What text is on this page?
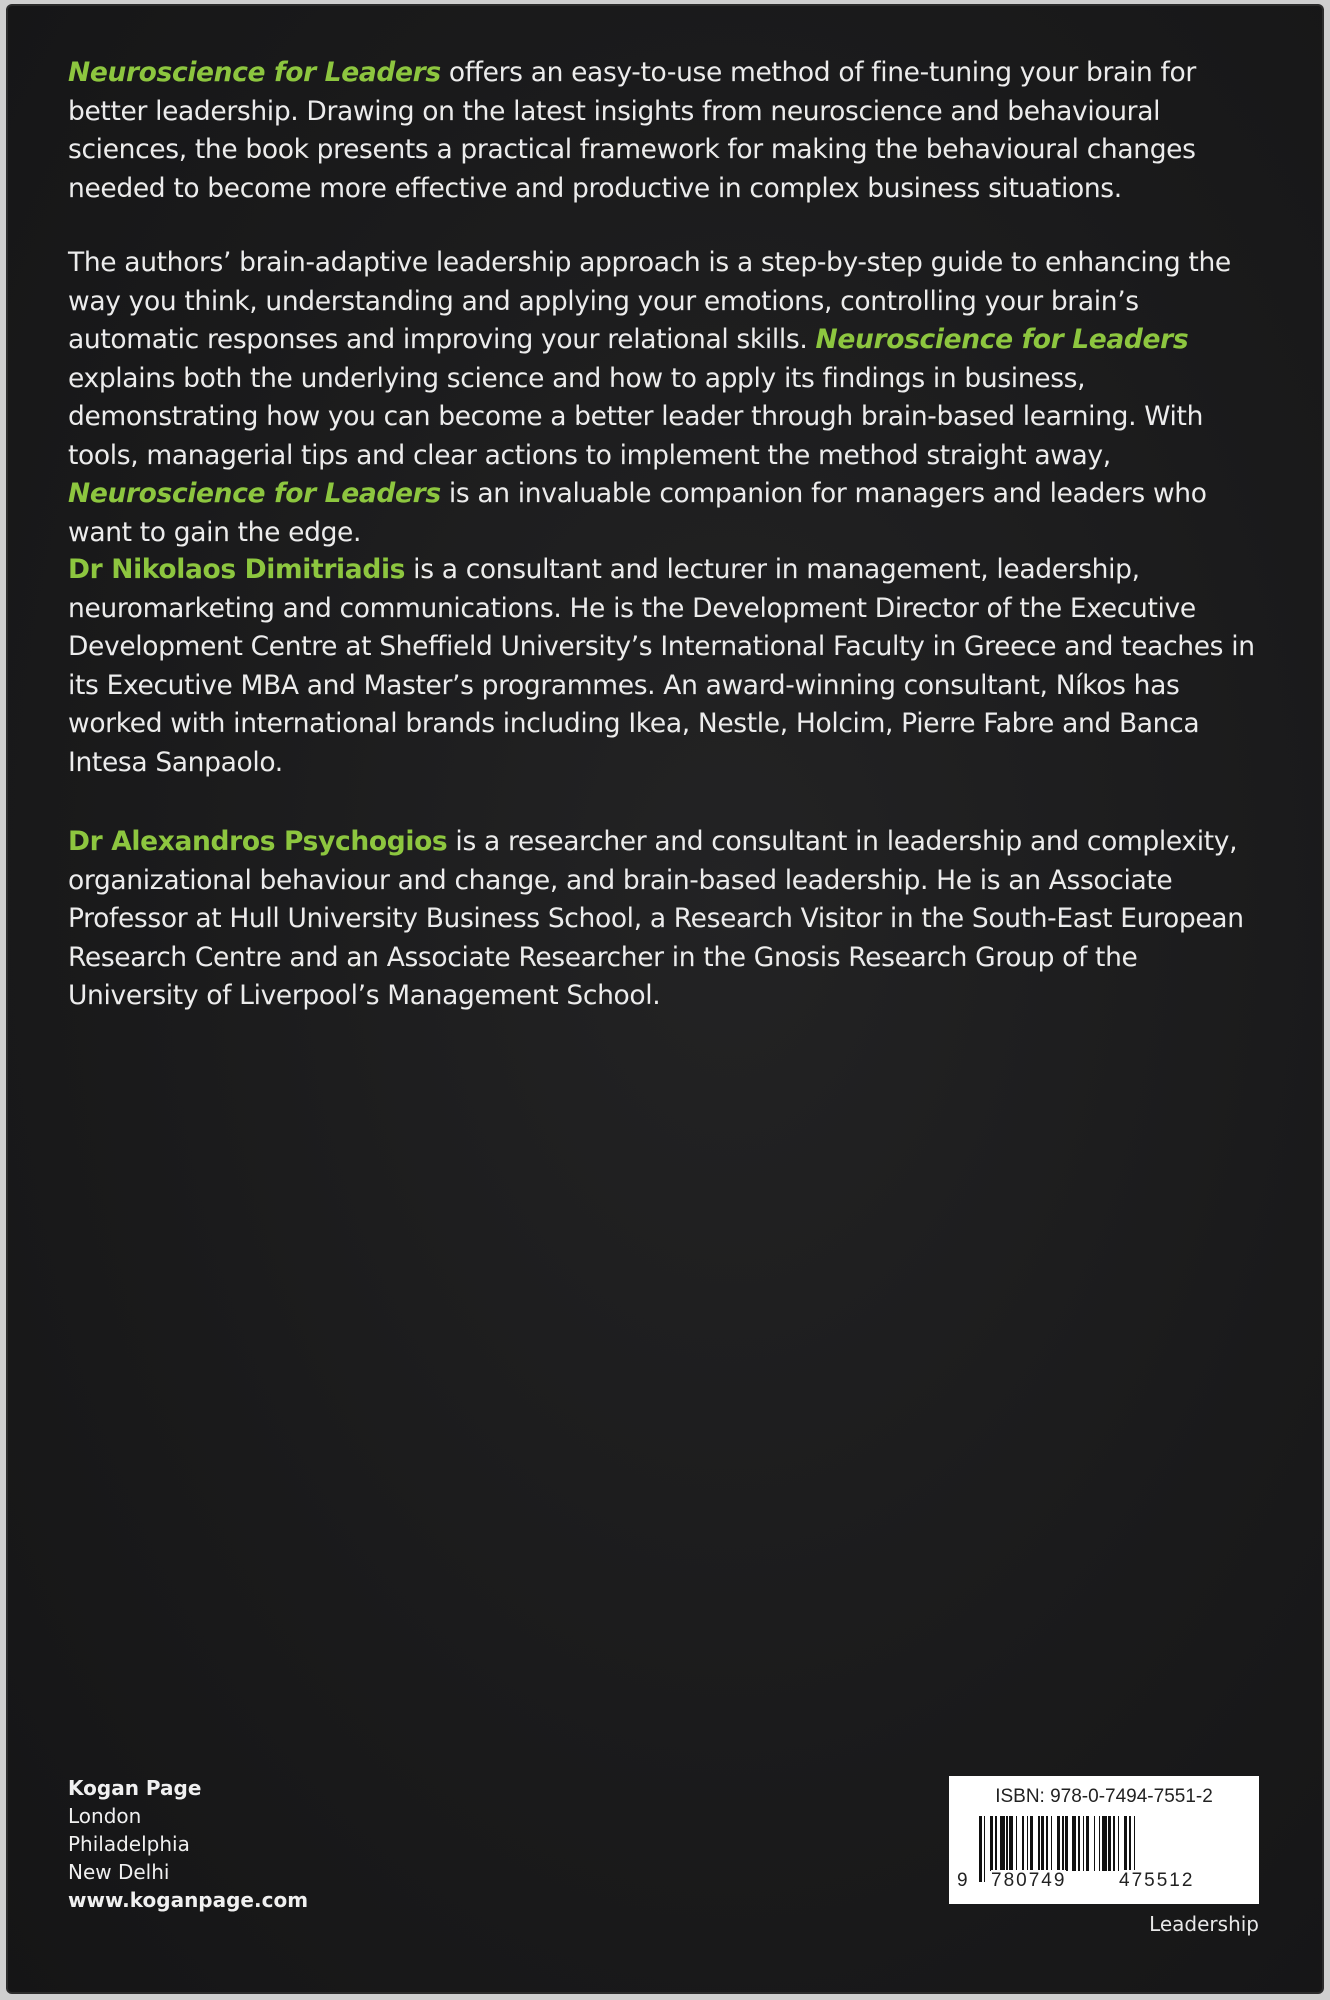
Neuroscience for Leaders offers an easy-to-use method of fine-tuning your brain for better leadership. Drawing on the latest insights from neuroscience and behavioural sciences, the book presents a practical framework for making the behavioural changes needed to become more effective and productive in complex business situations.

The authors’ brain-adaptive leadership approach is a step-by-step guide to enhancing the way you think, understanding and applying your emotions, controlling your brain’s automatic responses and improving your relational skills. Neuroscience for Leaders explains both the underlying science and how to apply its findings in business, demonstrating how you can become a better leader through brain-based learning. With tools, managerial tips and clear actions to implement the method straight away, Neuroscience for Leaders is an invaluable companion for managers and leaders who want to gain the edge.

Dr Nikolaos Dimitriadis is a consultant and lecturer in management, leadership, neuromarketing and communications. He is the Development Director of the Executive Development Centre at Sheffield University’s International Faculty in Greece and teaches in its Executive MBA and Master’s programmes. An award-winning consultant, Níkos has worked with international brands including Ikea, Nestle, Holcim, Pierre Fabre and Banca Intesa Sanpaolo.

Dr Alexandros Psychogios is a researcher and consultant in leadership and complexity, organizational behaviour and change, and brain-based leadership. He is an Associate Professor at Hull University Business School, a Research Visitor in the South-East European Research Centre and an Associate Researcher in the Gnosis Research Group of the University of Liverpool’s Management School.

Kogan Page
London
Philadelphia
New Delhi
www.koganpage.com
ISBN: 978-0-7494-7551-2
9 780749	475512
Leadership
